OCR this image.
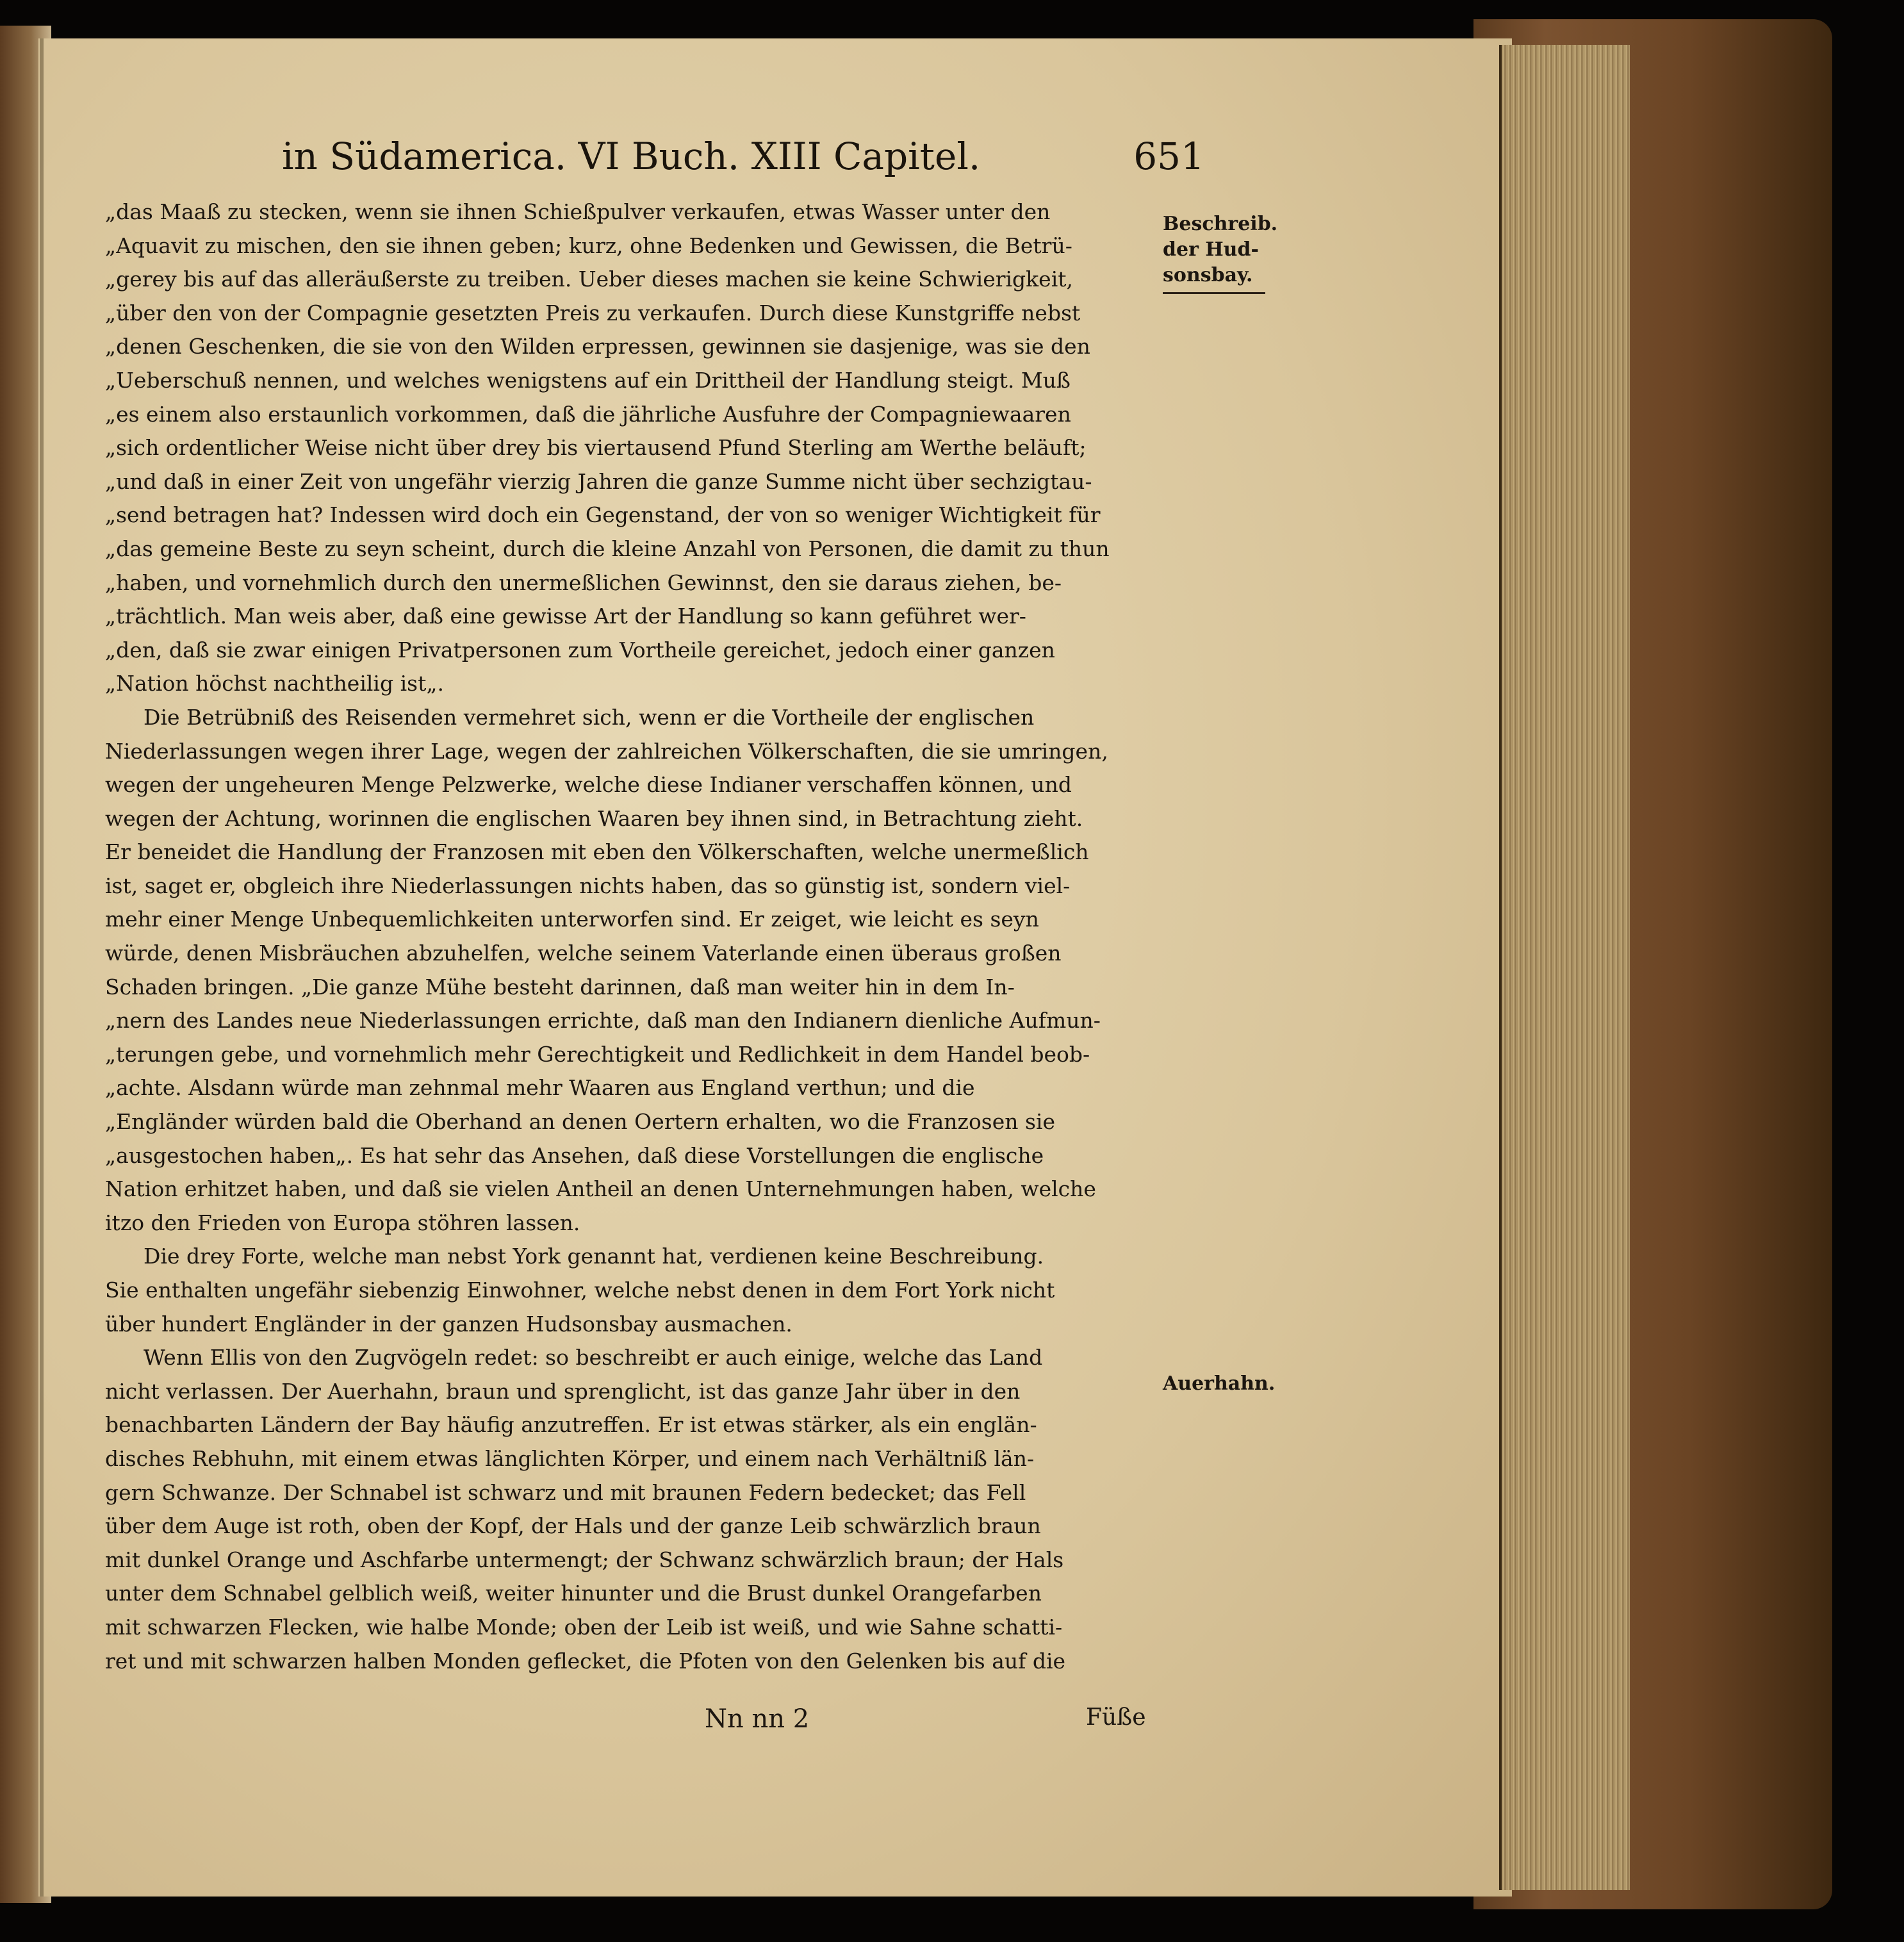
in Südamerica. VI Buch. XIII Capitel.	651
„das Maaß zu stecken, wenn sie ihnen Schießpulver verkaufen, etwas Wasser unter den
„Aquavit zu mischen, den sie ihnen geben; kurz, ohne Bedenken und Gewissen, die Betrü-
„gerey bis auf das alleräußerste zu treiben. Ueber dieses machen sie keine Schwierigkeit,
„über den von der Compagnie gesetzten Preis zu verkaufen. Durch diese Kunstgriffe nebst
„denen Geschenken, die sie von den Wilden erpressen, gewinnen sie dasjenige, was sie den
„Ueberschuß nennen, und welches wenigstens auf ein Drittheil der Handlung steigt. Muß
„es einem also erstaunlich vorkommen, daß die jährliche Ausfuhre der Compagniewaaren
„sich ordentlicher Weise nicht über drey bis viertausend Pfund Sterling am Werthe beläuft;
„und daß in einer Zeit von ungefähr vierzig Jahren die ganze Summe nicht über sechzigtau-
„send betragen hat? Indessen wird doch ein Gegenstand, der von so weniger Wichtigkeit für
„das gemeine Beste zu seyn scheint, durch die kleine Anzahl von Personen, die damit zu thun
„haben, und vornehmlich durch den unermeßlichen Gewinnst, den sie daraus ziehen, be-
„trächtlich. Man weis aber, daß eine gewisse Art der Handlung so kann geführet wer-
„den, daß sie zwar einigen Privatpersonen zum Vortheile gereichet, jedoch einer ganzen
„Nation höchst nachtheilig ist„.
Die Betrübniß des Reisenden vermehret sich, wenn er die Vortheile der englischen
Niederlassungen wegen ihrer Lage, wegen der zahlreichen Völkerschaften, die sie umringen,
wegen der ungeheuren Menge Pelzwerke, welche diese Indianer verschaffen können, und
wegen der Achtung, worinnen die englischen Waaren bey ihnen sind, in Betrachtung zieht.
Er beneidet die Handlung der Franzosen mit eben den Völkerschaften, welche unermeßlich
ist, saget er, obgleich ihre Niederlassungen nichts haben, das so günstig ist, sondern viel-
mehr einer Menge Unbequemlichkeiten unterworfen sind. Er zeiget, wie leicht es seyn
würde, denen Misbräuchen abzuhelfen, welche seinem Vaterlande einen überaus großen
Schaden bringen. „Die ganze Mühe besteht darinnen, daß man weiter hin in dem In-
„nern des Landes neue Niederlassungen errichte, daß man den Indianern dienliche Aufmun-
„terungen gebe, und vornehmlich mehr Gerechtigkeit und Redlichkeit in dem Handel beob-
„achte. Alsdann würde man zehnmal mehr Waaren aus England verthun; und die
„Engländer würden bald die Oberhand an denen Oertern erhalten, wo die Franzosen sie
„ausgestochen haben„. Es hat sehr das Ansehen, daß diese Vorstellungen die englische
Nation erhitzet haben, und daß sie vielen Antheil an denen Unternehmungen haben, welche
itzo den Frieden von Europa stöhren lassen.
Die drey Forte, welche man nebst York genannt hat, verdienen keine Beschreibung.
Sie enthalten ungefähr siebenzig Einwohner, welche nebst denen in dem Fort York nicht
über hundert Engländer in der ganzen Hudsonsbay ausmachen.
Wenn Ellis von den Zugvögeln redet: so beschreibt er auch einige, welche das Land
nicht verlassen. Der Auerhahn, braun und sprenglicht, ist das ganze Jahr über in den
benachbarten Ländern der Bay häufig anzutreffen. Er ist etwas stärker, als ein englän-
disches Rebhuhn, mit einem etwas länglichten Körper, und einem nach Verhältniß län-
gern Schwanze. Der Schnabel ist schwarz und mit braunen Federn bedecket; das Fell
über dem Auge ist roth, oben der Kopf, der Hals und der ganze Leib schwärzlich braun
mit dunkel Orange und Aschfarbe untermengt; der Schwanz schwärzlich braun; der Hals
unter dem Schnabel gelblich weiß, weiter hinunter und die Brust dunkel Orangefarben
mit schwarzen Flecken, wie halbe Monde; oben der Leib ist weiß, und wie Sahne schatti-
ret und mit schwarzen halben Monden geflecket, die Pfoten von den Gelenken bis auf die
Beschreib.
der Hud-
sonsbay.
Auerhahn.
Nn nn 2	Füße
